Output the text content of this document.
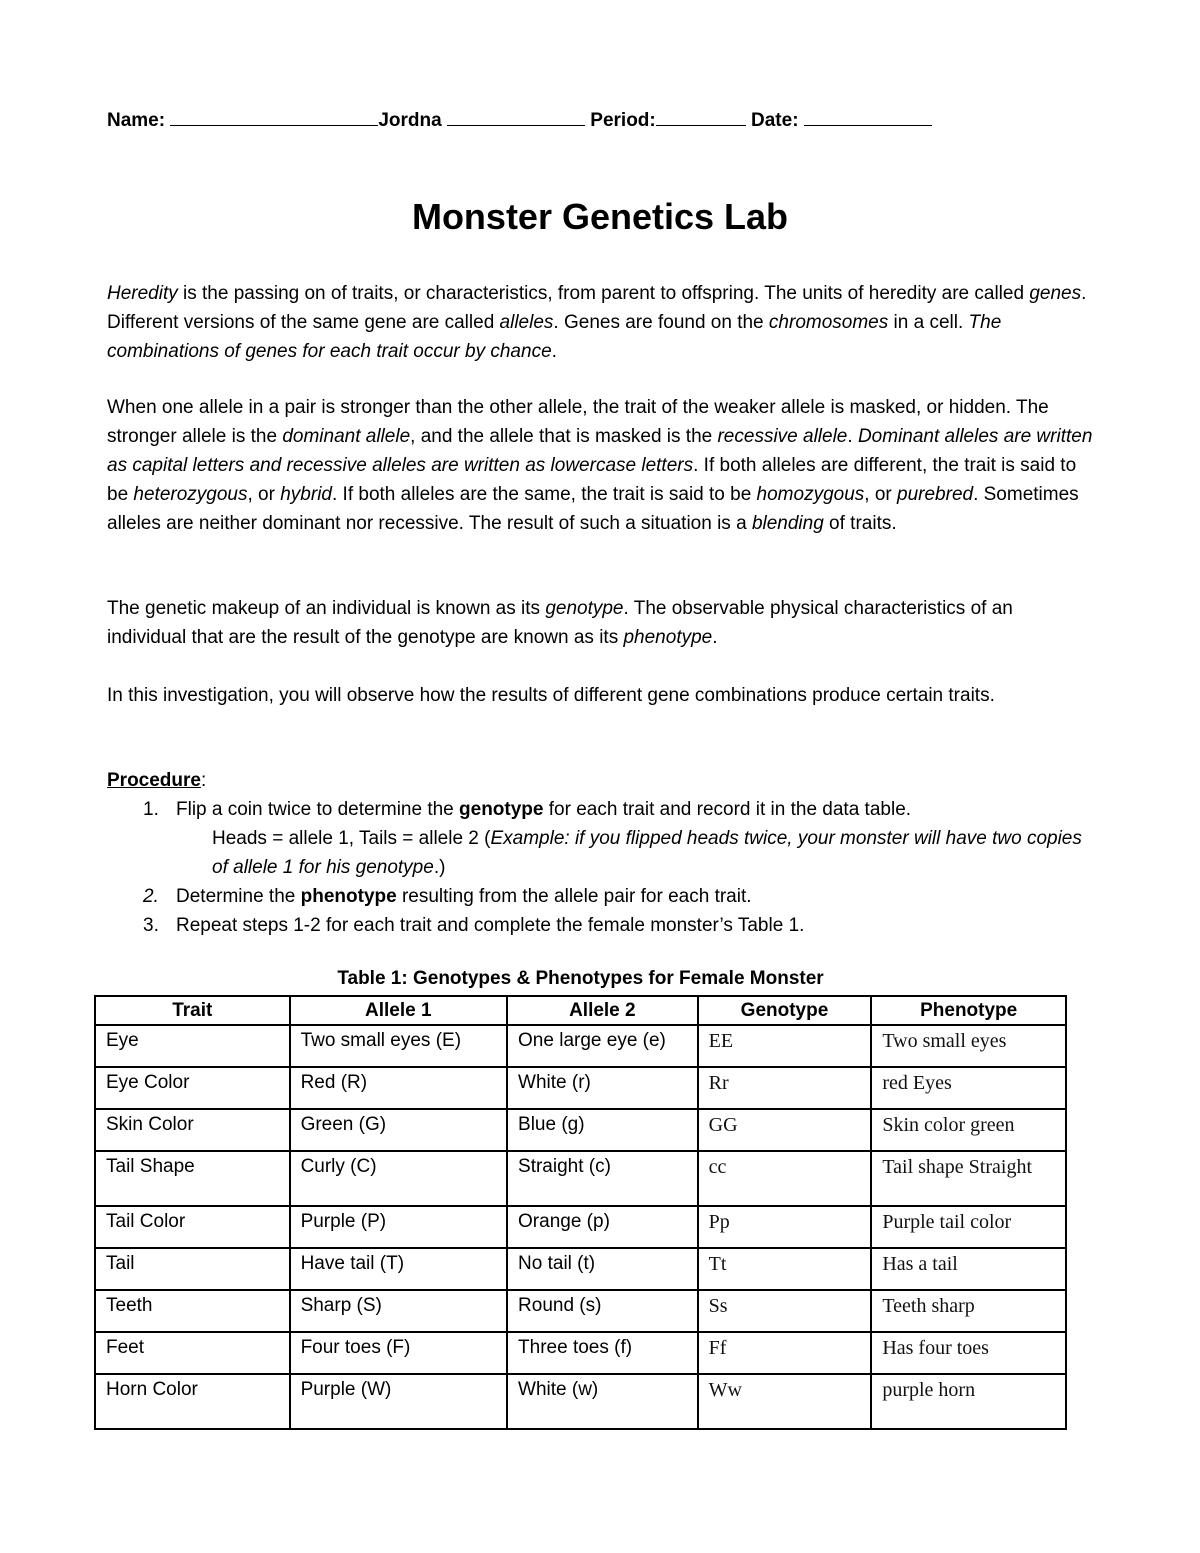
Name:	Jordna	Period:	Date:
Monster Genetics Lab
Heredity is the passing on of traits, or characteristics, from parent to offspring. The units of heredity are called genes. Different versions of the same gene are called alleles. Genes are found on the chromosomes in a cell. The combinations of genes for each trait occur by chance.
When one allele in a pair is stronger than the other allele, the trait of the weaker allele is masked, or hidden. The stronger allele is the dominant allele, and the allele that is masked is the recessive allele. Dominant alleles are written as capital letters and recessive alleles are written as lowercase letters. If both alleles are different, the trait is said to be heterozygous, or hybrid. If both alleles are the same, the trait is said to be homozygous, or purebred. Sometimes alleles are neither dominant nor recessive. The result of such a situation is a blending of traits.
The genetic makeup of an individual is known as its genotype. The observable physical characteristics of an individual that are the result of the genotype are known as its phenotype.
In this investigation, you will observe how the results of different gene combinations produce certain traits.
Procedure:
1. Flip a coin twice to determine the genotype for each trait and record it in the data table.
Heads = allele 1, Tails = allele 2 (Example: if you flipped heads twice, your monster will have two copies of allele 1 for his genotype.)
2. Determine the phenotype resulting from the allele pair for each trait.
3. Repeat steps 1-2 for each trait and complete the female monster’s Table 1.
Table 1: Genotypes & Phenotypes for Female Monster
Trait	Allele 1	Allele 2	Genotype	Phenotype
Eye	Two small eyes (E)	One large eye (e)	EE	Two small eyes
Eye Color	Red (R)	White (r)	Rr	red Eyes
Skin Color	Green (G)	Blue (g)	GG	Skin color green
Tail Shape	Curly (C)	Straight (c)	cc	Tail shape Straight
Tail Color	Purple (P)	Orange (p)	Pp	Purple tail color
Tail	Have tail (T)	No tail (t)	Tt	Has a tail
Teeth	Sharp (S)	Round (s)	Ss	Teeth sharp
Feet	Four toes (F)	Three toes (f)	Ff	Has four toes
Horn Color	Purple (W)	White (w)	Ww	purple horn
